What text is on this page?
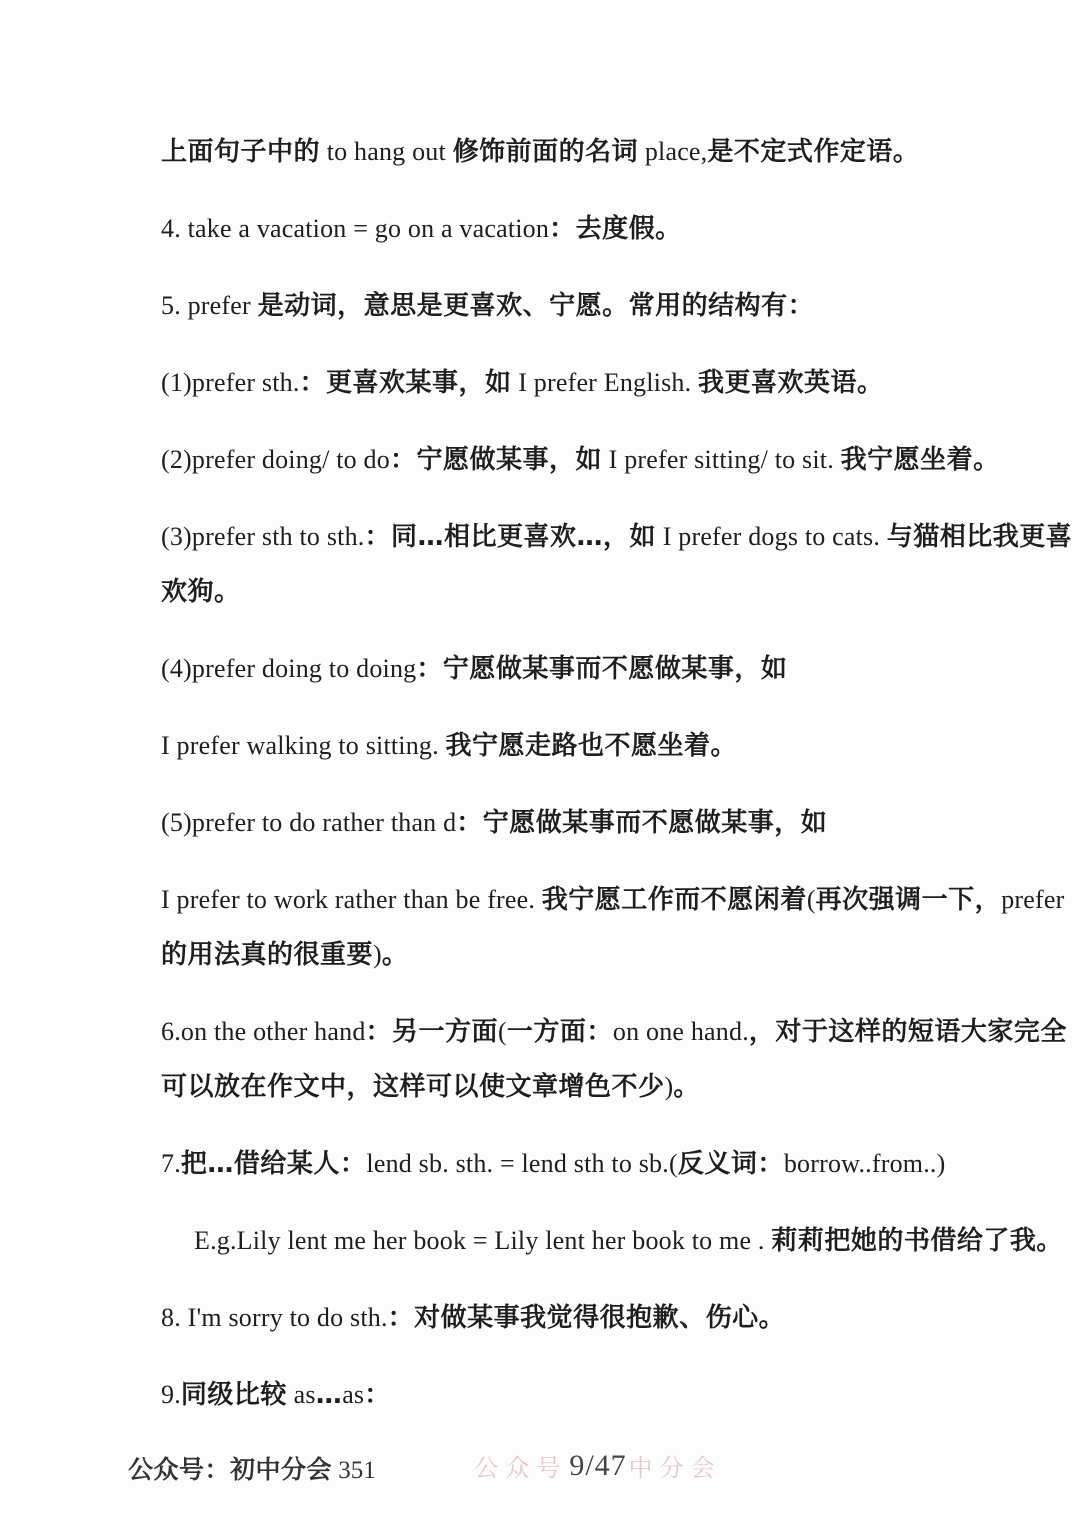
上面句子中的 to hang out 修饰前面的名词 place,是不定式作定语。
4. take a vacation = go on a vacation：去度假。
5. prefer 是动词，意思是更喜欢、宁愿。常用的结构有：
(1)prefer sth.：更喜欢某事，如 I prefer English. 我更喜欢英语。
(2)prefer doing/ to do：宁愿做某事，如 I prefer sitting/ to sit. 我宁愿坐着。
(3)prefer sth to sth.：同…相比更喜欢…，如 I prefer dogs to cats. 与猫相比我更喜
欢狗。
(4)prefer doing to doing：宁愿做某事而不愿做某事，如
I prefer walking to sitting. 我宁愿走路也不愿坐着。
(5)prefer to do rather than d：宁愿做某事而不愿做某事，如
I prefer to work rather than be free. 我宁愿工作而不愿闲着(再次强调一下，prefer
的用法真的很重要)。
6.on the other hand：另一方面(一方面：on one hand.，对于这样的短语大家完全
可以放在作文中，这样可以使文章增色不少)。
7.把…借给某人：lend sb. sth. = lend sth to sb.(反义词：borrow..from..)
E.g.Lily lent me her book = Lily lent her book to me . 莉莉把她的书借给了我。
8. I'm sorry to do sth.：对做某事我觉得很抱歉、伤心。
9.同级比较 as…as：
公众号：初中分会 351	公众号 9/47 中分会
